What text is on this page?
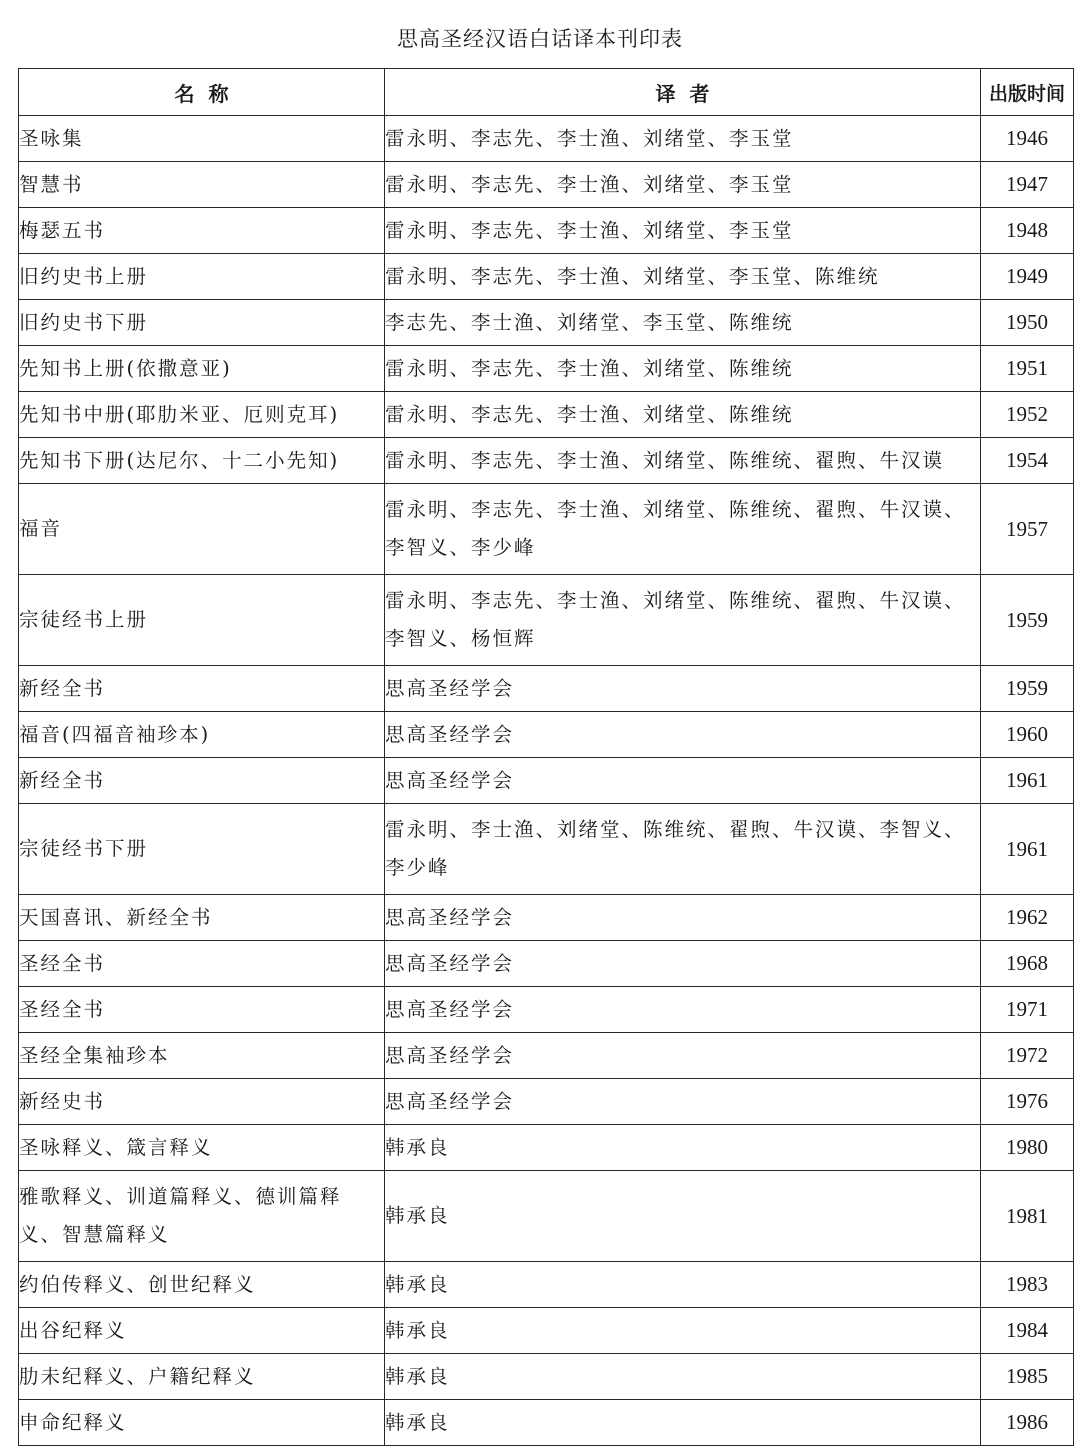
思高圣经汉语白话译本刊印表
名称	译者	出版时间
圣咏集	雷永明、李志先、李士渔、刘绪堂、李玉堂	1946
智慧书	雷永明、李志先、李士渔、刘绪堂、李玉堂	1947
梅瑟五书	雷永明、李志先、李士渔、刘绪堂、李玉堂	1948
旧约史书上册	雷永明、李志先、李士渔、刘绪堂、李玉堂、陈维统	1949
旧约史书下册	李志先、李士渔、刘绪堂、李玉堂、陈维统	1950
先知书上册(依撒意亚)	雷永明、李志先、李士渔、刘绪堂、陈维统	1951
先知书中册(耶肋米亚、厄则克耳)	雷永明、李志先、李士渔、刘绪堂、陈维统	1952
先知书下册(达尼尔、十二小先知)	雷永明、李志先、李士渔、刘绪堂、陈维统、翟煦、牛汉谟	1954
福音	雷永明、李志先、李士渔、刘绪堂、陈维统、翟煦、牛汉谟、李智义、李少峰	1957
宗徒经书上册	雷永明、李志先、李士渔、刘绪堂、陈维统、翟煦、牛汉谟、李智义、杨恒辉	1959
新经全书	思高圣经学会	1959
福音(四福音袖珍本)	思高圣经学会	1960
新经全书	思高圣经学会	1961
宗徒经书下册	雷永明、李士渔、刘绪堂、陈维统、翟煦、牛汉谟、李智义、李少峰	1961
天国喜讯、新经全书	思高圣经学会	1962
圣经全书	思高圣经学会	1968
圣经全书	思高圣经学会	1971
圣经全集袖珍本	思高圣经学会	1972
新经史书	思高圣经学会	1976
圣咏释义、箴言释义	韩承良	1980
雅歌释义、训道篇释义、德训篇释义、智慧篇释义	韩承良	1981
约伯传释义、创世纪释义	韩承良	1983
出谷纪释义	韩承良	1984
肋未纪释义、户籍纪释义	韩承良	1985
申命纪释义	韩承良	1986
